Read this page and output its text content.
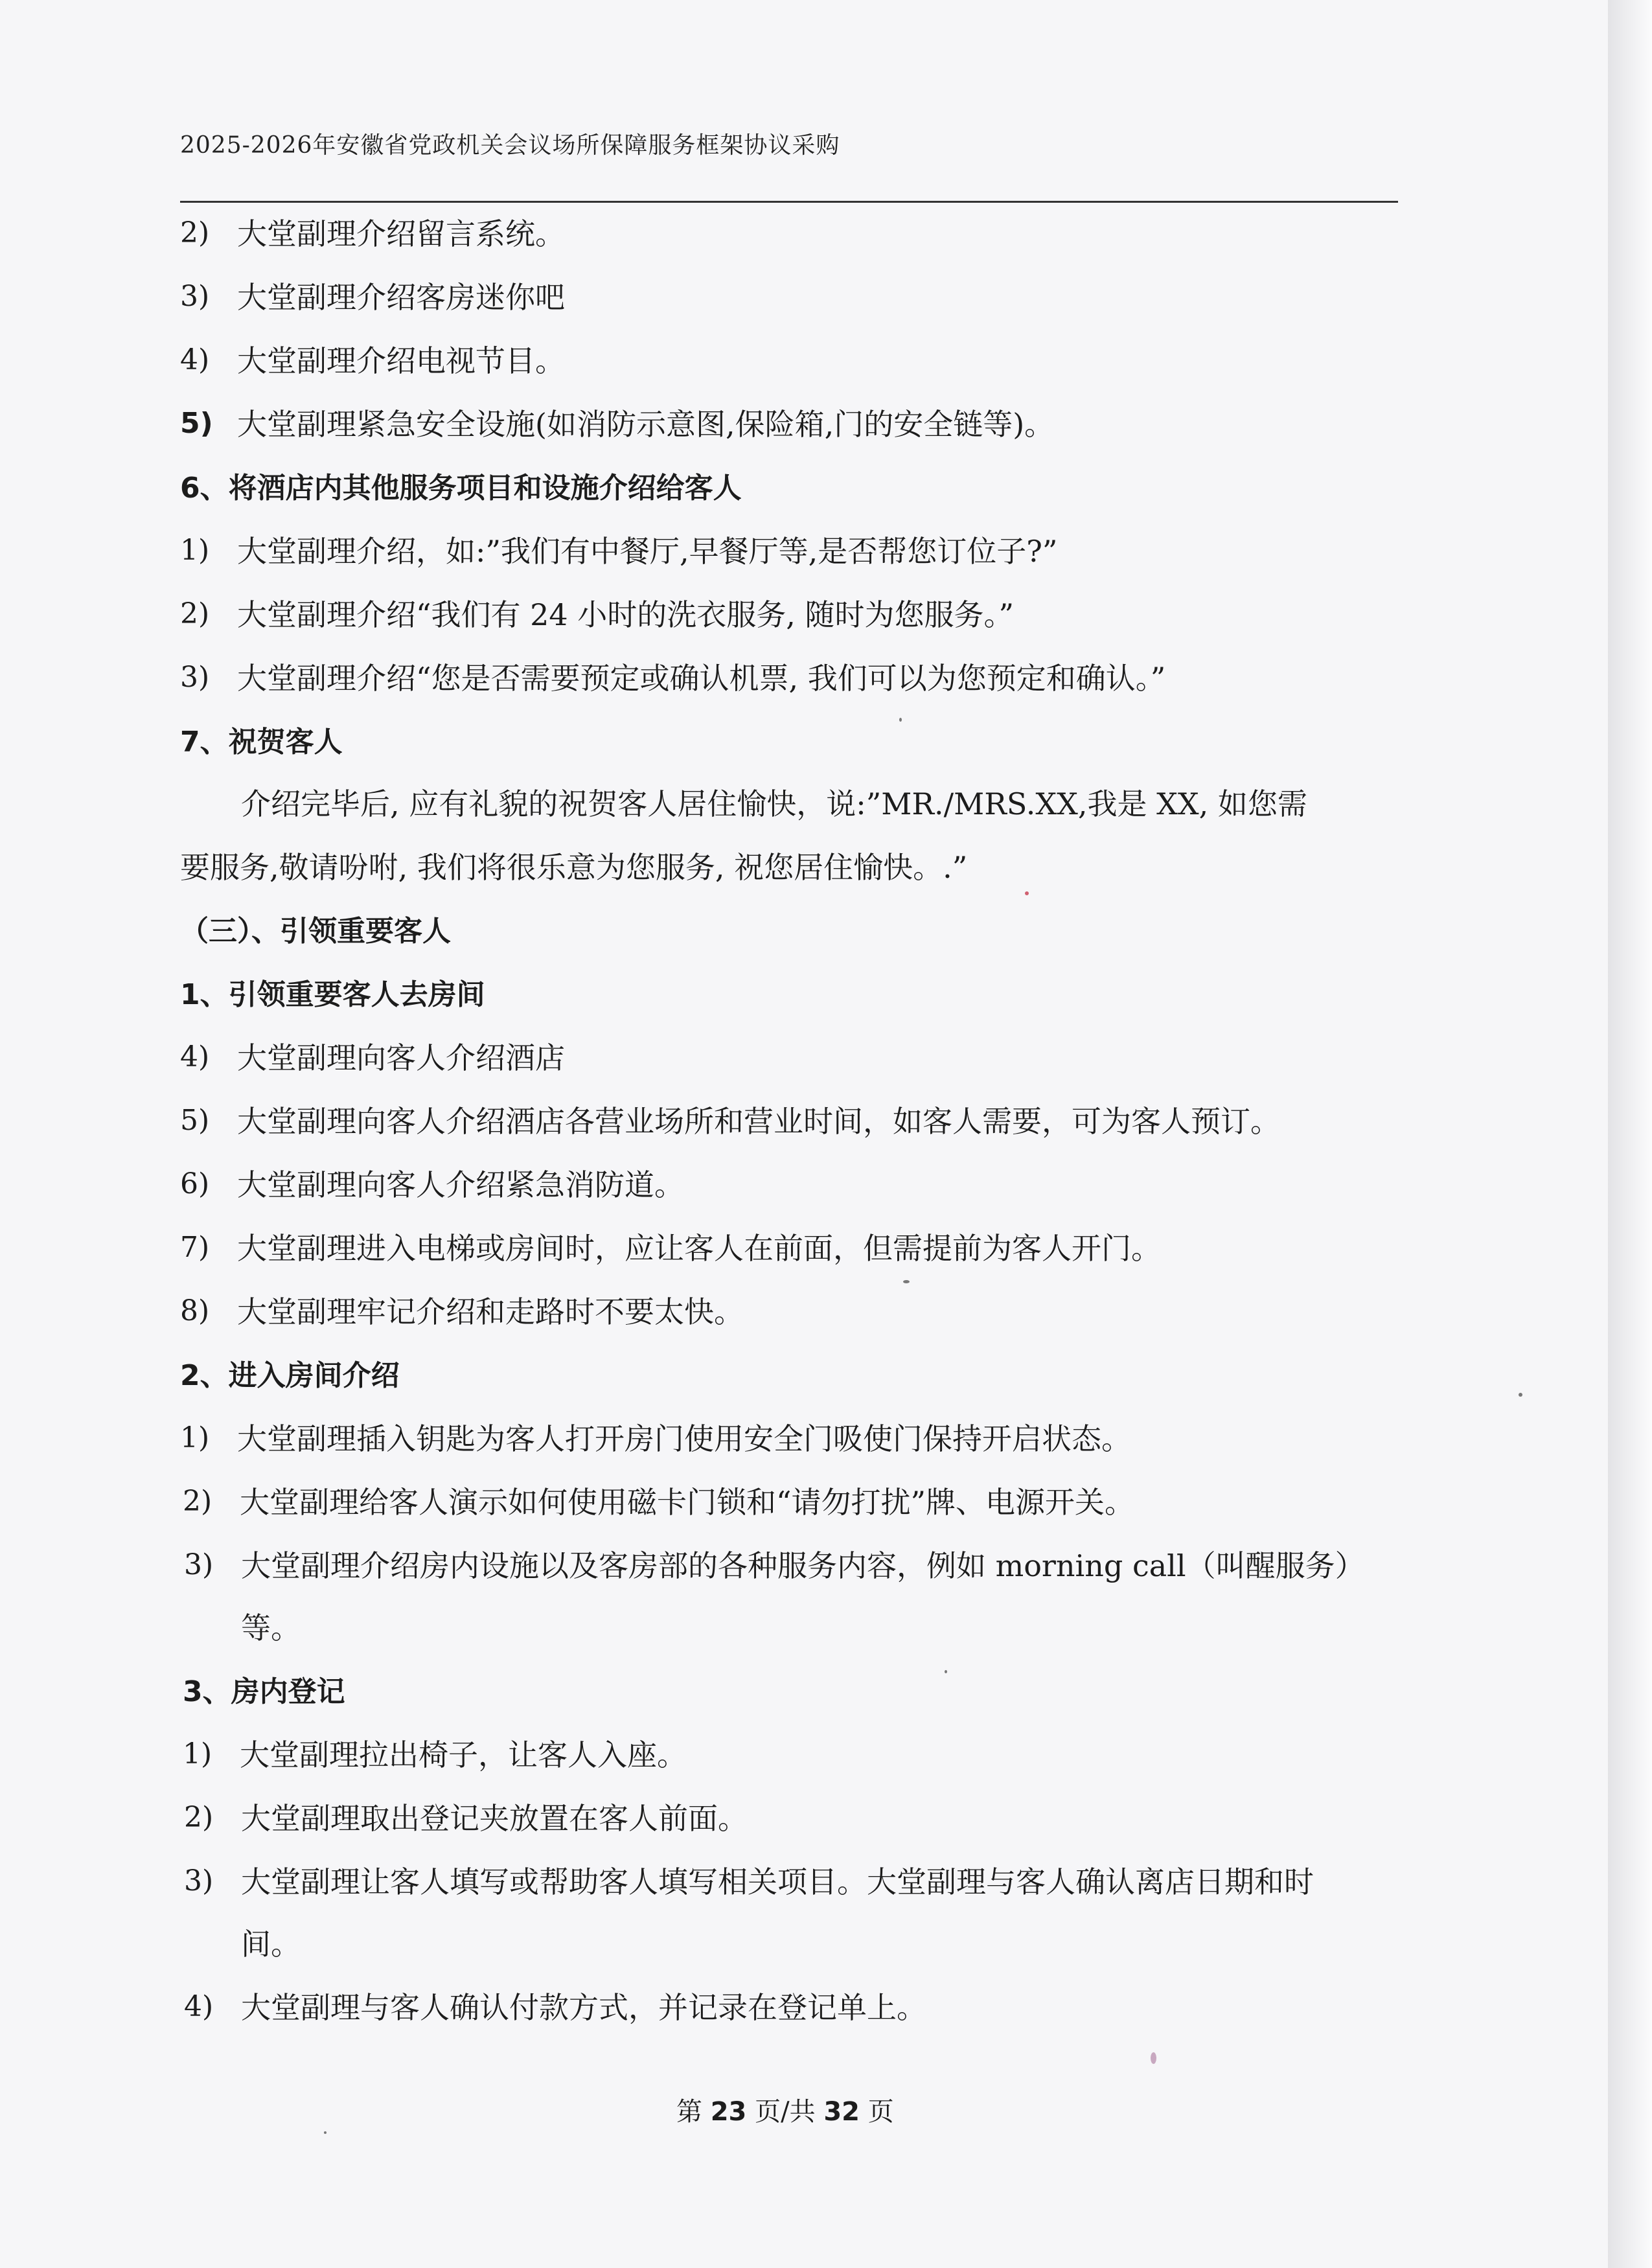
2025-2026年安徽省党政机关会议场所保障服务框架协议采购
2) 大堂副理介绍留言系统。
3) 大堂副理介绍客房迷你吧
4) 大堂副理介绍电视节目。
5) 大堂副理紧急安全设施(如消防示意图,保险箱,门的安全链等)。
6、将酒店内其他服务项目和设施介绍给客人
1) 大堂副理介绍，如:”我们有中餐厅,早餐厅等,是否帮您订位子?”
2) 大堂副理介绍“我们有 24 小时的洗衣服务, 随时为您服务。”
3) 大堂副理介绍“您是否需要预定或确认机票, 我们可以为您预定和确认。”
7、祝贺客人
介绍完毕后, 应有礼貌的祝贺客人居住愉快，说:”MR./MRS.XX,我是 XX, 如您需
要服务,敬请吩咐, 我们将很乐意为您服务, 祝您居住愉快。.”
（三）、引领重要客人
1、引领重要客人去房间
4) 大堂副理向客人介绍酒店
5) 大堂副理向客人介绍酒店各营业场所和营业时间，如客人需要，可为客人预订。
6) 大堂副理向客人介绍紧急消防道。
7) 大堂副理进入电梯或房间时，应让客人在前面，但需提前为客人开门。
8) 大堂副理牢记介绍和走路时不要太快。
2、进入房间介绍
1) 大堂副理插入钥匙为客人打开房门使用安全门吸使门保持开启状态。
2) 大堂副理给客人演示如何使用磁卡门锁和“请勿打扰”牌、电源开关。
3) 大堂副理介绍房内设施以及客房部的各种服务内容，例如 morning call（叫醒服务）
等。
3、房内登记
1) 大堂副理拉出椅子，让客人入座。
2) 大堂副理取出登记夹放置在客人前面。
3) 大堂副理让客人填写或帮助客人填写相关项目。大堂副理与客人确认离店日期和时
间。
4) 大堂副理与客人确认付款方式，并记录在登记单上。
第 23 页/共 32 页
